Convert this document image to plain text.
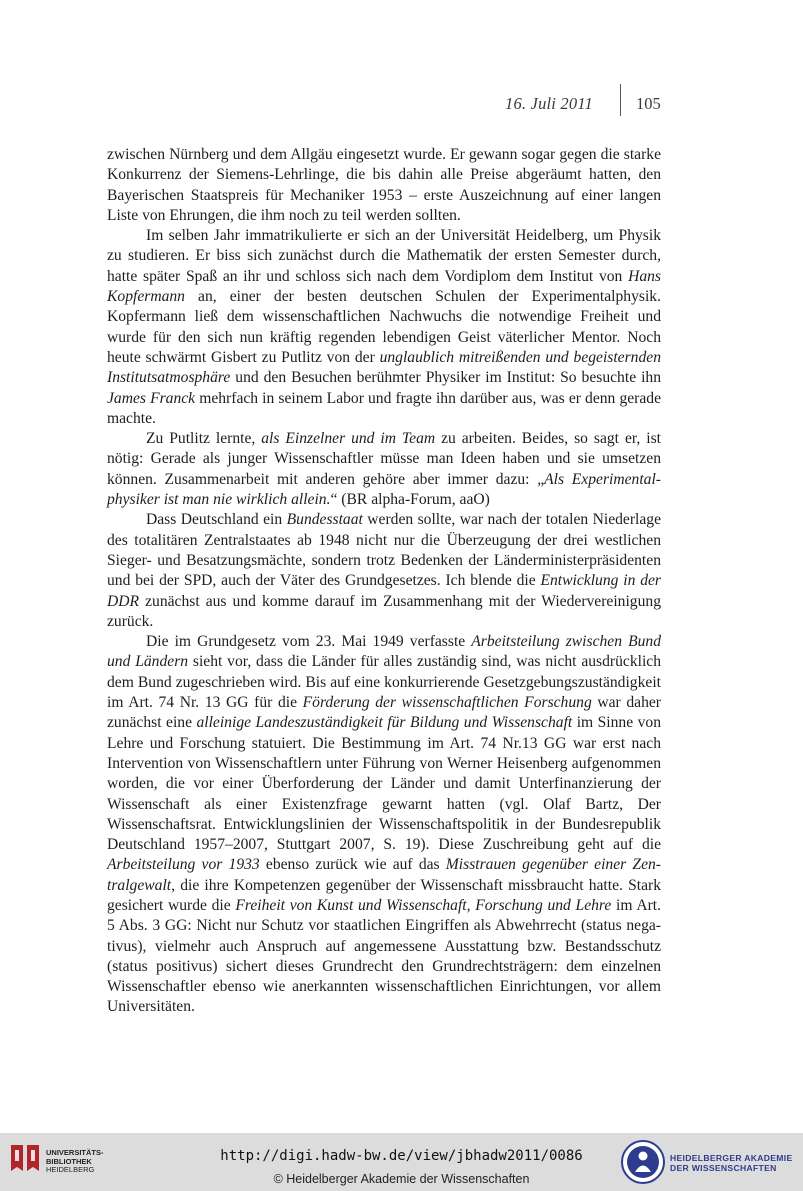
16. Juli 2011	105

zwischen Nürnberg und dem Allgäu eingesetzt wurde. Er gewann sogar gegen die starke Konkurrenz der Siemens-Lehrlinge, die bis dahin alle Preise abgeräumt hatten, den Bayerischen Staatspreis für Mechaniker 1953 – erste Auszeichnung auf einer langen Liste von Ehrungen, die ihm noch zu teil werden sollten.

Im selben Jahr immatrikulierte er sich an der Universität Heidelberg, um Physik zu studieren. Er biss sich zunächst durch die Mathematik der ersten Semester durch, hatte später Spaß an ihr und schloss sich nach dem Vordiplom dem Institut von Hans Kopfermann an, einer der besten deutschen Schulen der Experimentalphysik. Kopfermann ließ dem wissenschaftlichen Nachwuchs die notwendige Freiheit und wurde für den sich nun kräftig regenden lebendigen Geist väterlicher Mentor. Noch heute schwärmt Gisbert zu Putlitz von der unglaublich mitreißenden und begeisternden Institutsatmosphäre und den Besuchen berühmter Physiker im Institut: So besuchte ihn James Franck mehrfach in seinem Labor und fragte ihn darüber aus, was er denn gerade machte.

Zu Putlitz lernte, als Einzelner und im Team zu arbeiten. Beides, so sagt er, ist nötig: Gerade als junger Wissenschaftler müsse man Ideen haben und sie umsetzen können. Zusammenarbeit mit anderen gehöre aber immer dazu: „Als Experimentalphysiker ist man nie wirklich allein.“ (BR alpha-Forum, aaO)

Dass Deutschland ein Bundesstaat werden sollte, war nach der totalen Niederlage des totalitären Zentralstaates ab 1948 nicht nur die Überzeugung der drei westlichen Sieger- und Besatzungsmächte, sondern trotz Bedenken der Länderministerpräsidenten und bei der SPD, auch der Väter des Grundgesetzes. Ich blende die Entwicklung in der DDR zunächst aus und komme darauf im Zusammenhang mit der Wiedervereinigung zurück.

Die im Grundgesetz vom 23. Mai 1949 verfasste Arbeitsteilung zwischen Bund und Ländern sieht vor, dass die Länder für alles zuständig sind, was nicht ausdrücklich dem Bund zugeschrieben wird. Bis auf eine konkurrierende Gesetzgebungszuständigkeit im Art. 74 Nr. 13 GG für die Förderung der wissenschaftlichen Forschung war daher zunächst eine alleinige Landeszuständigkeit für Bildung und Wissenschaft im Sinne von Lehre und Forschung statuiert. Die Bestimmung im Art. 74 Nr.13 GG war erst nach Intervention von Wissenschaftlern unter Führung von Werner Heisenberg aufgenommen worden, die vor einer Überforderung der Länder und damit Unterfinanzierung der Wissenschaft als einer Existenzfrage gewarnt hatten (vgl. Olaf Bartz, Der Wissenschaftsrat. Entwicklungslinien der Wissenschaftspolitik in der Bundesrepublik Deutschland 1957–2007, Stuttgart 2007, S. 19). Diese Zuschreibung geht auf die Arbeitsteilung vor 1933 ebenso zurück wie auf das Misstrauen gegenüber einer Zentralgewalt, die ihre Kompetenzen gegenüber der Wissenschaft missbraucht hatte. Stark gesichert wurde die Freiheit von Kunst und Wissenschaft, Forschung und Lehre im Art. 5 Abs. 3 GG: Nicht nur Schutz vor staatlichen Eingriffen als Abwehrrecht (status negativus), vielmehr auch Anspruch auf angemessene Ausstattung bzw. Bestandsschutz (status positivus) sichert dieses Grundrecht den Grundrechtsträgern: dem einzelnen Wissenschaftler ebenso wie anerkannten wissenschaftlichen Einrichtungen, vor allem Universitäten.

UNIVERSITÄTS-
BIBLIOTHEK
HEIDELBERG
http://digi.hadw-bw.de/view/jbhadw2011/0086
© Heidelberger Akademie der Wissenschaften
HEIDELBERGER AKADEMIE
DER WISSENSCHAFTEN
